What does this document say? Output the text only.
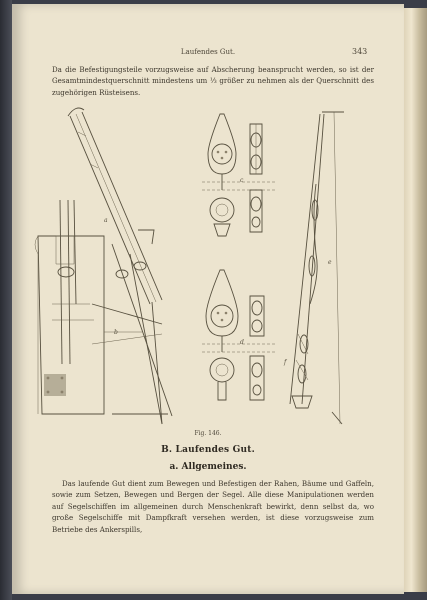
Laufendes Gut.	343

Da die Befestigungsteile vorzugsweise auf Abscherung beansprucht werden, so ist der Gesamtmindestquerschnitt mindestens um ⅓ größer zu nehmen als der Querschnitt des zugehörigen Rüsteisens.

a
b
c
d
e
f
Fig. 146.
B. Laufendes Gut.
a. Allgemeines.

Das laufende Gut dient zum Bewegen und Befestigen der Rahen, Bäume und Gaffeln, sowie zum Setzen, Bewegen und Bergen der Segel. Alle diese Manipulationen werden auf Segelschiffen im allgemeinen durch Menschenkraft bewirkt, denn selbst da, wo große Segelschiffe mit Dampfkraft versehen werden, ist diese vorzugsweise zum Betriebe des Ankerspills,
